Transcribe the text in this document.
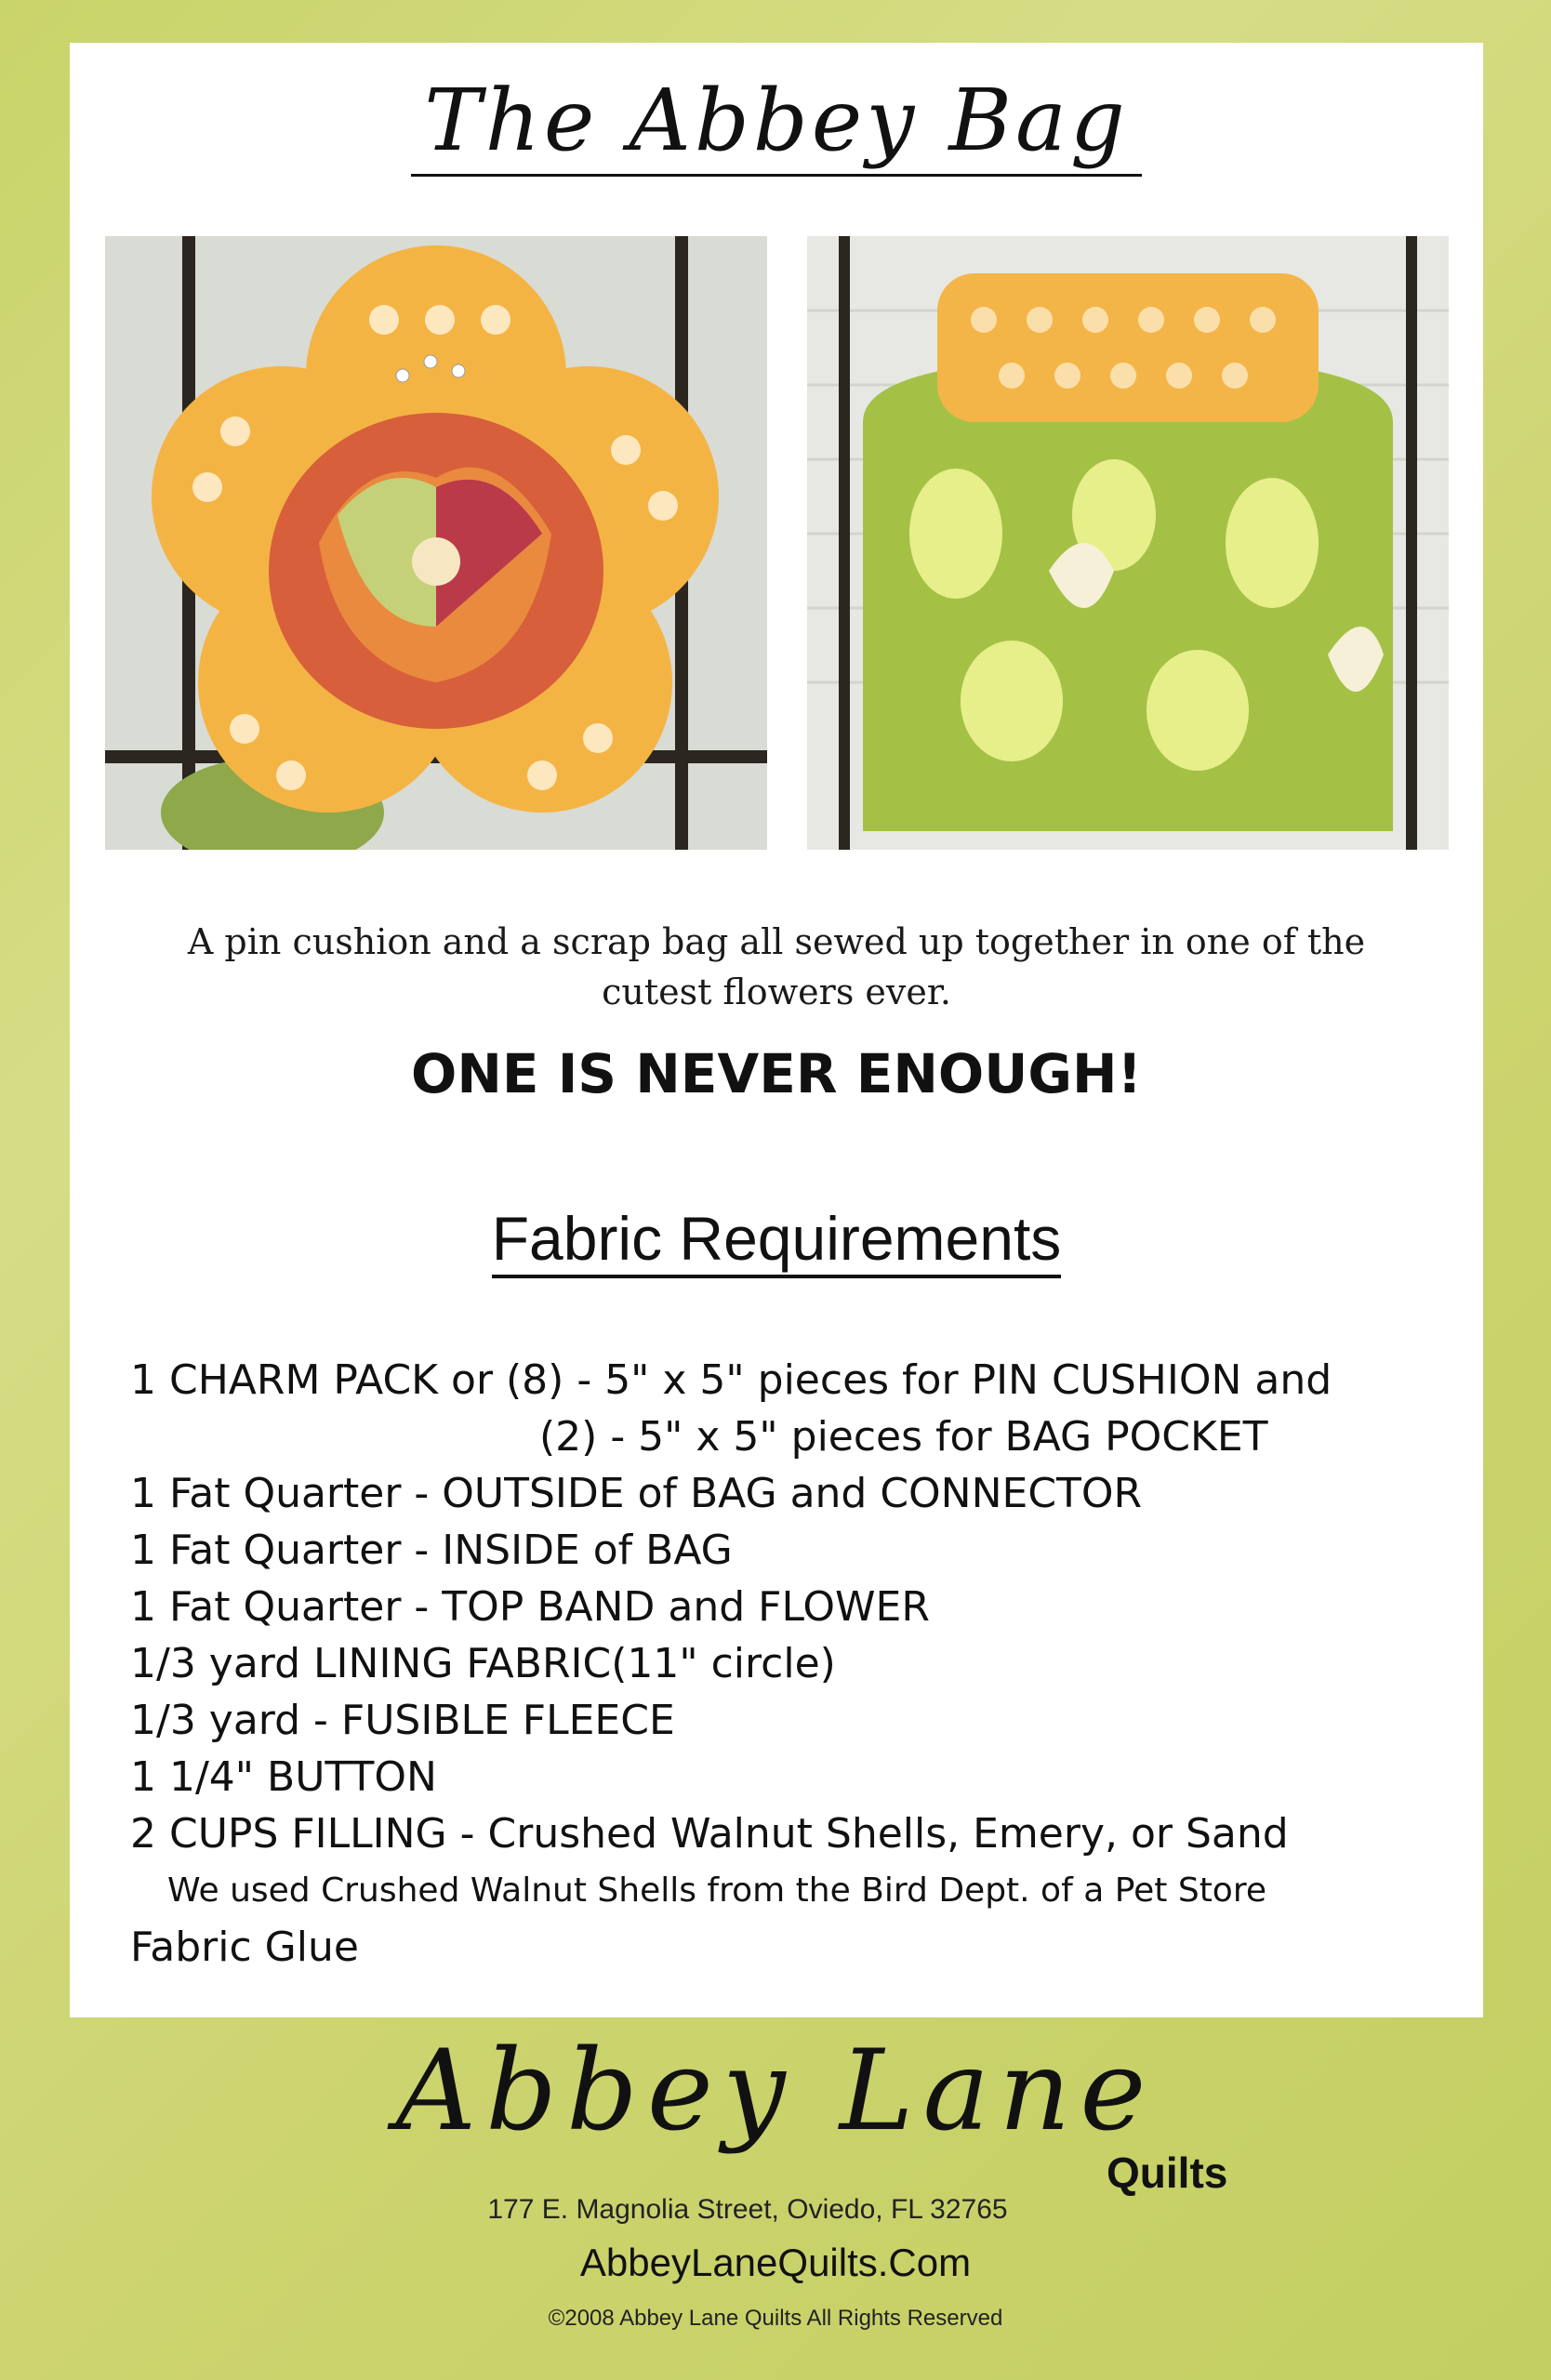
The Abbey Bag
A pin cushion and a scrap bag all sewed up together in one of the cutest flowers ever.
ONE IS NEVER ENOUGH!
Fabric Requirements
1 CHARM PACK or (8) - 5" x 5" pieces for PIN CUSHION and
(2) - 5" x 5" pieces for BAG POCKET
1 Fat Quarter - OUTSIDE of BAG and CONNECTOR
1 Fat Quarter - INSIDE of BAG
1 Fat Quarter - TOP BAND and FLOWER
1/3 yard LINING FABRIC(11" circle)
1/3 yard - FUSIBLE FLEECE
1 1/4" BUTTON
2 CUPS FILLING - Crushed Walnut Shells, Emery, or Sand
We used Crushed Walnut Shells from the Bird Dept. of a Pet Store
Fabric Glue
Abbey Lane
Quilts
177 E. Magnolia Street, Oviedo, FL 32765
AbbeyLaneQuilts.Com
©2008 Abbey Lane Quilts All Rights Reserved
